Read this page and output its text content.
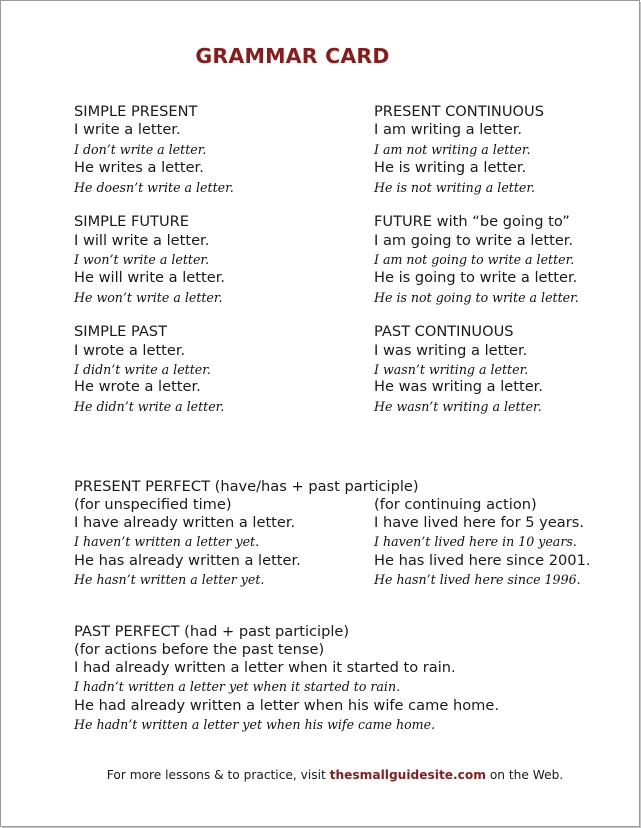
GRAMMAR CARD
SIMPLE PRESENT
I write a letter.
I don’t write a letter.
He writes a letter.
He doesn’t write a letter.
PRESENT CONTINUOUS
I am writing a letter.
I am not writing a letter.
He is writing a letter.
He is not writing a letter.
SIMPLE FUTURE
I will write a letter.
I won’t write a letter.
He will write a letter.
He won’t write a letter.
FUTURE with “be going to”
I am going to write a letter.
I am not going to write a letter.
He is going to write a letter.
He is not going to write a letter.
SIMPLE PAST
I wrote a letter.
I didn’t write a letter.
He wrote a letter.
He didn’t write a letter.
PAST CONTINUOUS
I was writing a letter.
I wasn’t writing a letter.
He was writing a letter.
He wasn’t writing a letter.
PRESENT PERFECT (have/has + past participle)
(for unspecified time)
I have already written a letter.
I haven’t written a letter yet.
He has already written a letter.
He hasn’t written a letter yet.
(for continuing action)
I have lived here for 5 years.
I haven’t lived here in 10 years.
He has lived here since 2001.
He hasn’t lived here since 1996.
PAST PERFECT (had + past participle)
(for actions before the past tense)
I had already written a letter when it started to rain.
I hadn’t written a letter yet when it started to rain.
He had already written a letter when his wife came home.
He hadn’t written a letter yet when his wife came home.
For more lessons & to practice, visit thesmallguidesite.com on the Web.
